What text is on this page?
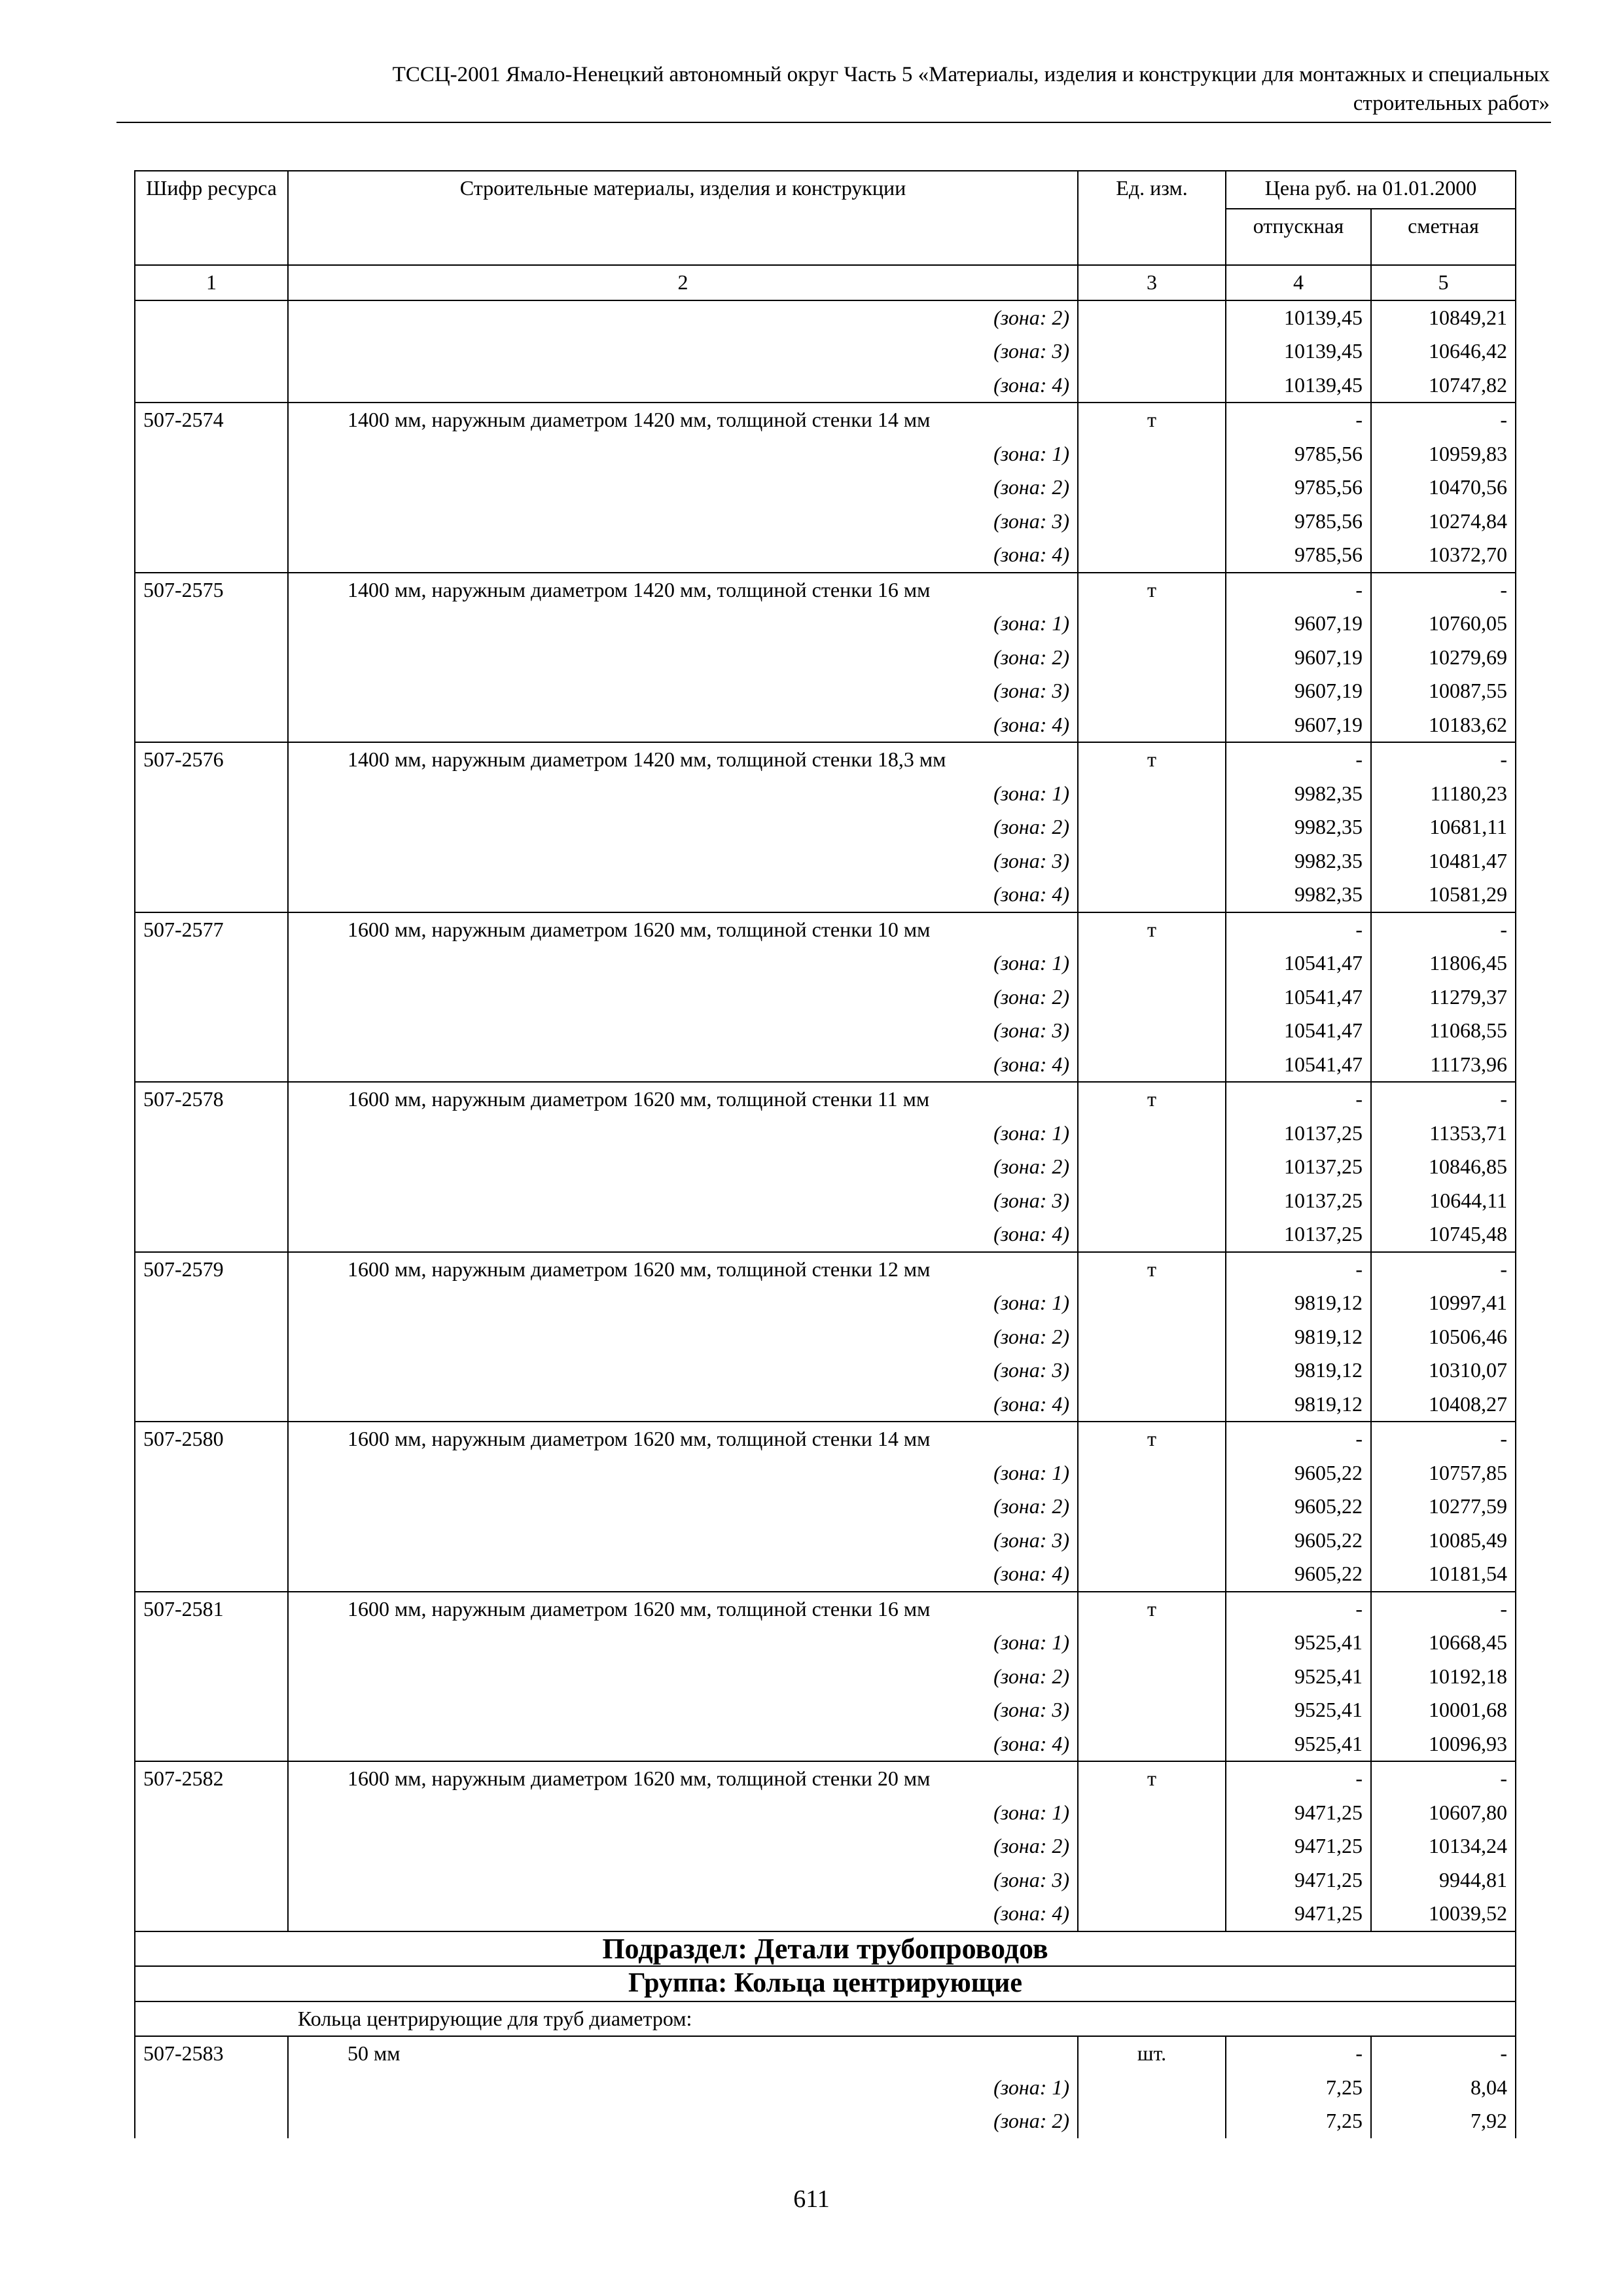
ТССЦ-2001 Ямало-Ненецкий автономный округ Часть 5 «Материалы, изделия и конструкции для монтажных и специальных
строительных работ»
Шифр ресурса	Строительные материалы, изделия и конструкции	Ед. изм.	Цена руб. на 01.01.2000	
			отпускная	сметная
1	2	3	4	5
	(зона: 2)		10139,45	10849,21
	(зона: 3)		10139,45	10646,42
	(зона: 4)		10139,45	10747,82
507-2574	1400 мм, наружным диаметром 1420 мм, толщиной стенки 14 мм	т	-	-
	(зона: 1)		9785,56	10959,83
	(зона: 2)		9785,56	10470,56
	(зона: 3)		9785,56	10274,84
	(зона: 4)		9785,56	10372,70
507-2575	1400 мм, наружным диаметром 1420 мм, толщиной стенки 16 мм	т	-	-
	(зона: 1)		9607,19	10760,05
	(зона: 2)		9607,19	10279,69
	(зона: 3)		9607,19	10087,55
	(зона: 4)		9607,19	10183,62
507-2576	1400 мм, наружным диаметром 1420 мм, толщиной стенки 18,3 мм	т	-	-
	(зона: 1)		9982,35	11180,23
	(зона: 2)		9982,35	10681,11
	(зона: 3)		9982,35	10481,47
	(зона: 4)		9982,35	10581,29
507-2577	1600 мм, наружным диаметром 1620 мм, толщиной стенки 10 мм	т	-	-
	(зона: 1)		10541,47	11806,45
	(зона: 2)		10541,47	11279,37
	(зона: 3)		10541,47	11068,55
	(зона: 4)		10541,47	11173,96
507-2578	1600 мм, наружным диаметром 1620 мм, толщиной стенки 11 мм	т	-	-
	(зона: 1)		10137,25	11353,71
	(зона: 2)		10137,25	10846,85
	(зона: 3)		10137,25	10644,11
	(зона: 4)		10137,25	10745,48
507-2579	1600 мм, наружным диаметром 1620 мм, толщиной стенки 12 мм	т	-	-
	(зона: 1)		9819,12	10997,41
	(зона: 2)		9819,12	10506,46
	(зона: 3)		9819,12	10310,07
	(зона: 4)		9819,12	10408,27
507-2580	1600 мм, наружным диаметром 1620 мм, толщиной стенки 14 мм	т	-	-
	(зона: 1)		9605,22	10757,85
	(зона: 2)		9605,22	10277,59
	(зона: 3)		9605,22	10085,49
	(зона: 4)		9605,22	10181,54
507-2581	1600 мм, наружным диаметром 1620 мм, толщиной стенки 16 мм	т	-	-
	(зона: 1)		9525,41	10668,45
	(зона: 2)		9525,41	10192,18
	(зона: 3)		9525,41	10001,68
	(зона: 4)		9525,41	10096,93
507-2582	1600 мм, наружным диаметром 1620 мм, толщиной стенки 20 мм	т	-	-
	(зона: 1)		9471,25	10607,80
	(зона: 2)		9471,25	10134,24
	(зона: 3)		9471,25	9944,81
	(зона: 4)		9471,25	10039,52
Подраздел: Детали трубопроводов				
Группа: Кольца центрирующие				
Кольца центрирующие для труб диаметром:				
507-2583	50 мм	шт.	-	-
	(зона: 1)		7,25	8,04
	(зона: 2)		7,25	7,92
611
